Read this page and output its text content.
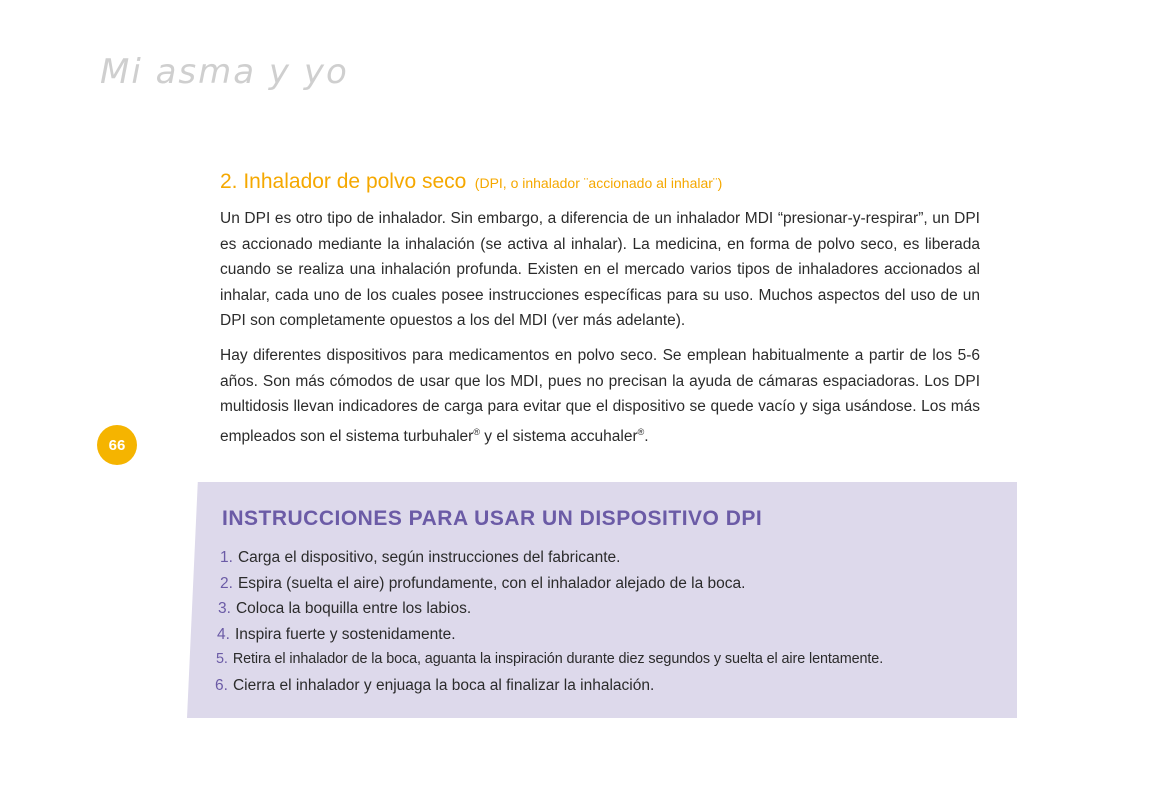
Mi asma y yo
66
2. Inhalador de polvo seco (DPI, o inhalador ¨accionado al inhalar¨)

Un DPI es otro tipo de inhalador. Sin embargo, a diferencia de un inhalador MDI “presionar-y-respirar”, un DPI es accionado mediante la inhalación (se activa al inhalar). La medicina, en forma de polvo seco, es liberada cuando se realiza una inhalación profunda. Existen en el mercado varios tipos de inhaladores accionados al inhalar, cada uno de los cuales posee instrucciones específicas para su uso. Muchos aspectos del uso de un DPI son completamente opuestos a los del MDI (ver más adelante).

Hay diferentes dispositivos para medicamentos en polvo seco. Se emplean habitualmente a partir de los 5-6 años. Son más cómodos de usar que los MDI, pues no precisan la ayuda de cámaras espaciadoras. Los DPI multidosis llevan indicadores de carga para evitar que el dispositivo se quede vacío y siga usándose. Los más empleados son el sistema turbuhaler® y el sistema accuhaler®.

INSTRUCCIONES PARA USAR UN DISPOSITIVO DPI
1. Carga el dispositivo, según instrucciones del fabricante.
2. Espira (suelta el aire) profundamente, con el inhalador alejado de la boca.
3. Coloca la boquilla entre los labios.
4. Inspira fuerte y sostenidamente.
5. Retira el inhalador de la boca, aguanta la inspiración durante diez segundos y suelta el aire lentamente.
6. Cierra el inhalador y enjuaga la boca al finalizar la inhalación.
